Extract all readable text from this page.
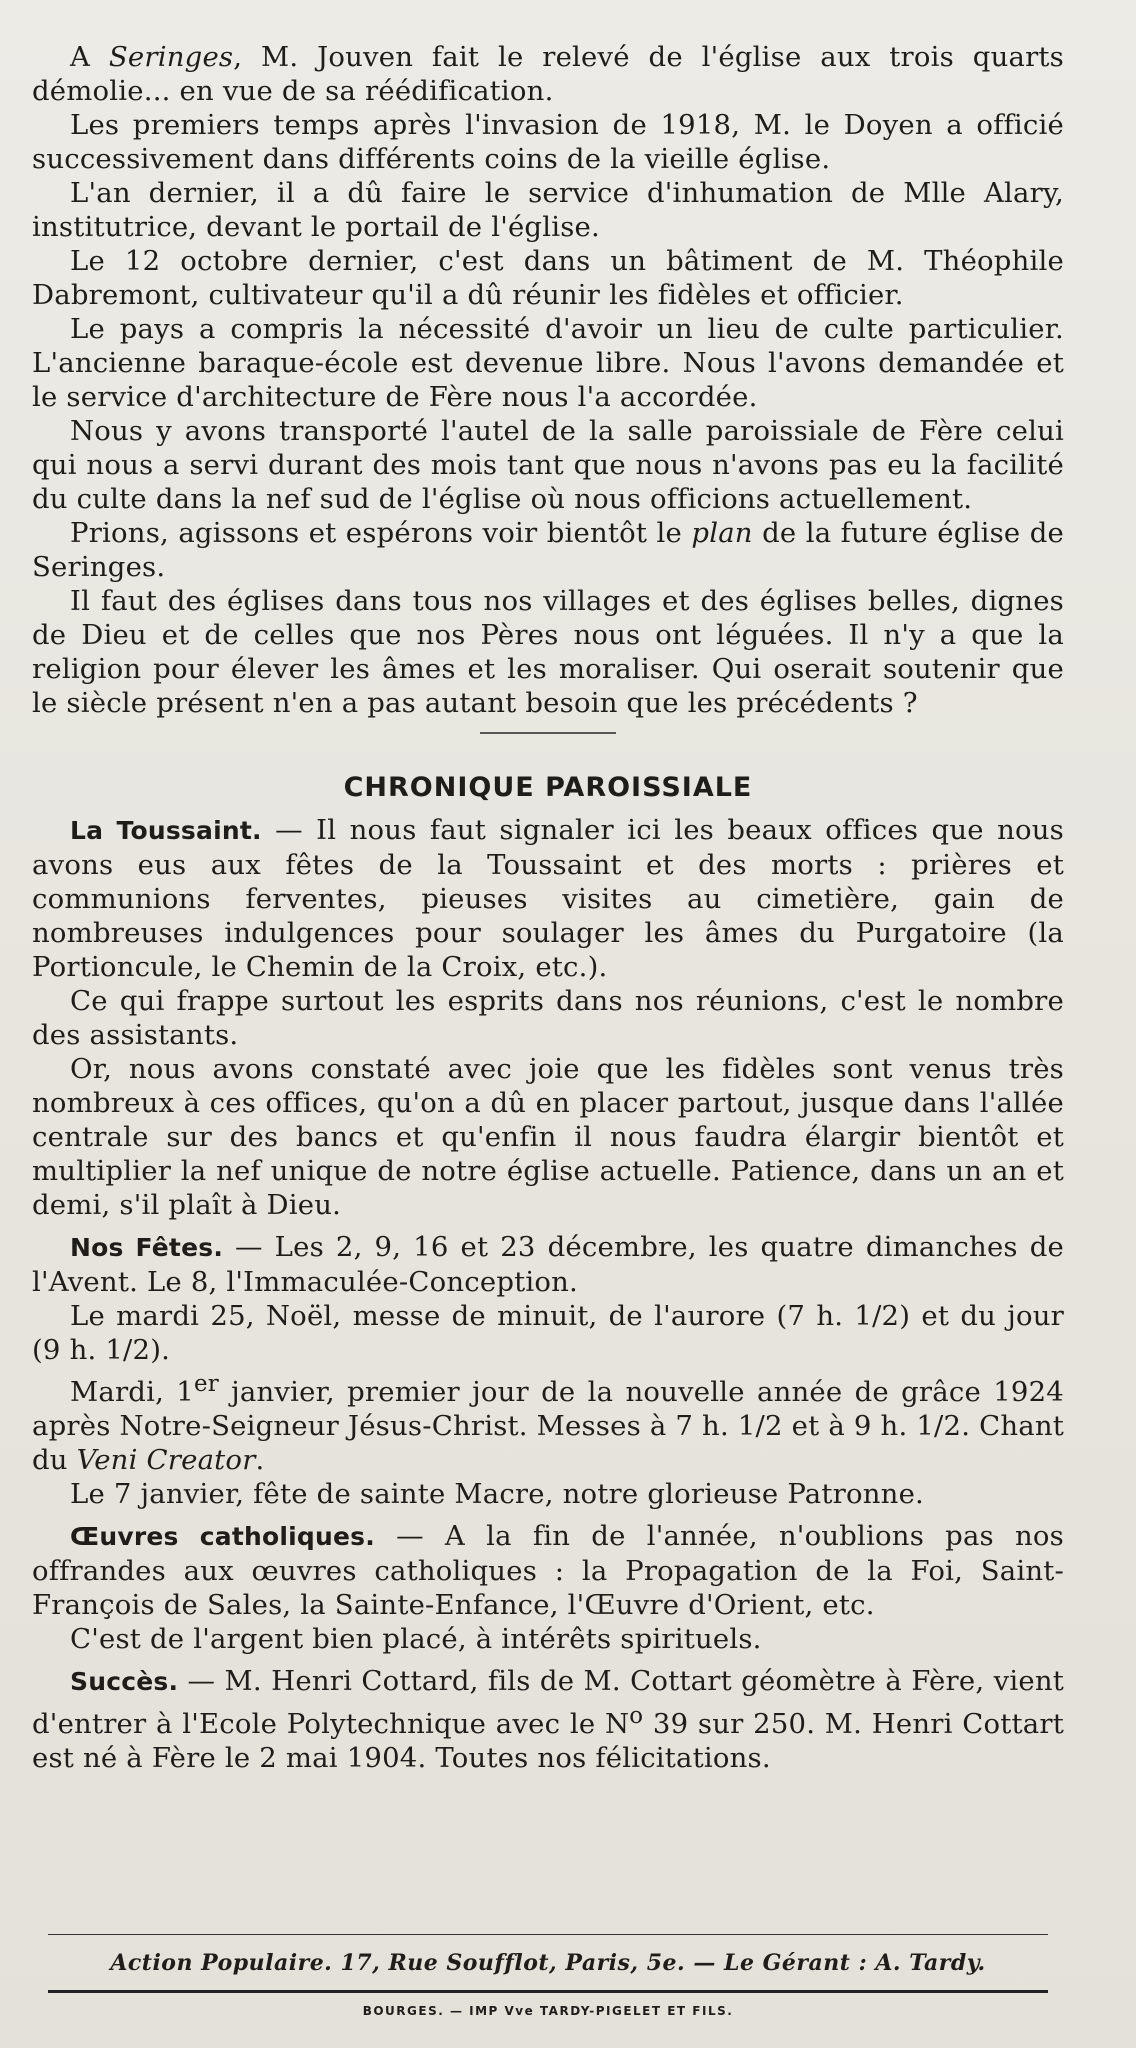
A Seringes, M. Jouven fait le relevé de l'église aux trois quarts démolie... en vue de sa réédification.

Les premiers temps après l'invasion de 1918, M. le Doyen a officié successivement dans différents coins de la vieille église.

L'an dernier, il a dû faire le service d'inhumation de Mlle Alary, institutrice, devant le portail de l'église.

Le 12 octobre dernier, c'est dans un bâtiment de M. Théophile Dabremont, cultivateur qu'il a dû réunir les fidèles et officier.

Le pays a compris la nécessité d'avoir un lieu de culte particulier. L'ancienne baraque-école est devenue libre. Nous l'avons demandée et le service d'architecture de Fère nous l'a accordée.

Nous y avons transporté l'autel de la salle paroissiale de Fère celui qui nous a servi durant des mois tant que nous n'avons pas eu la facilité du culte dans la nef sud de l'église où nous officions actuellement.

Prions, agissons et espérons voir bientôt le plan de la future église de Seringes.

Il faut des églises dans tous nos villages et des églises belles, dignes de Dieu et de celles que nos Pères nous ont léguées. Il n'y a que la religion pour élever les âmes et les moraliser. Qui oserait soutenir que le siècle présent n'en a pas autant besoin que les précédents ?

CHRONIQUE PAROISSIALE

La Toussaint. — Il nous faut signaler ici les beaux offices que nous avons eus aux fêtes de la Toussaint et des morts : prières et communions ferventes, pieuses visites au cimetière, gain de nombreuses indulgences pour soulager les âmes du Purgatoire (la Portioncule, le Chemin de la Croix, etc.).

Ce qui frappe surtout les esprits dans nos réunions, c'est le nombre des assistants.

Or, nous avons constaté avec joie que les fidèles sont venus très nombreux à ces offices, qu'on a dû en placer partout, jusque dans l'allée centrale sur des bancs et qu'enfin il nous faudra élargir bientôt et multiplier la nef unique de notre église actuelle. Patience, dans un an et demi, s'il plaît à Dieu.

Nos Fêtes. — Les 2, 9, 16 et 23 décembre, les quatre dimanches de l'Avent. Le 8, l'Immaculée-Conception.

Le mardi 25, Noël, messe de minuit, de l'aurore (7 h. 1/2) et du jour (9 h. 1/2).

Mardi, 1er janvier, premier jour de la nouvelle année de grâce 1924 après Notre-Seigneur Jésus-Christ. Messes à 7 h. 1/2 et à 9 h. 1/2. Chant du Veni Creator.

Le 7 janvier, fête de sainte Macre, notre glorieuse Patronne.

Œuvres catholiques. — A la fin de l'année, n'oublions pas nos offrandes aux œuvres catholiques : la Propagation de la Foi, Saint-François de Sales, la Sainte-Enfance, l'Œuvre d'Orient, etc.

C'est de l'argent bien placé, à intérêts spirituels.

Succès. — M. Henri Cottard, fils de M. Cottart géomètre à Fère, vient d'entrer à l'Ecole Polytechnique avec le $N^o$ 39 sur 250. M. Henri Cottart est né à Fère le 2 mai 1904. Toutes nos félicitations.

Action Populaire. 17, Rue Soufflot, Paris, 5e. — Le Gérant : A. Tardy.
BOURGES. — IMP Vve TARDY-PIGELET ET FILS.
